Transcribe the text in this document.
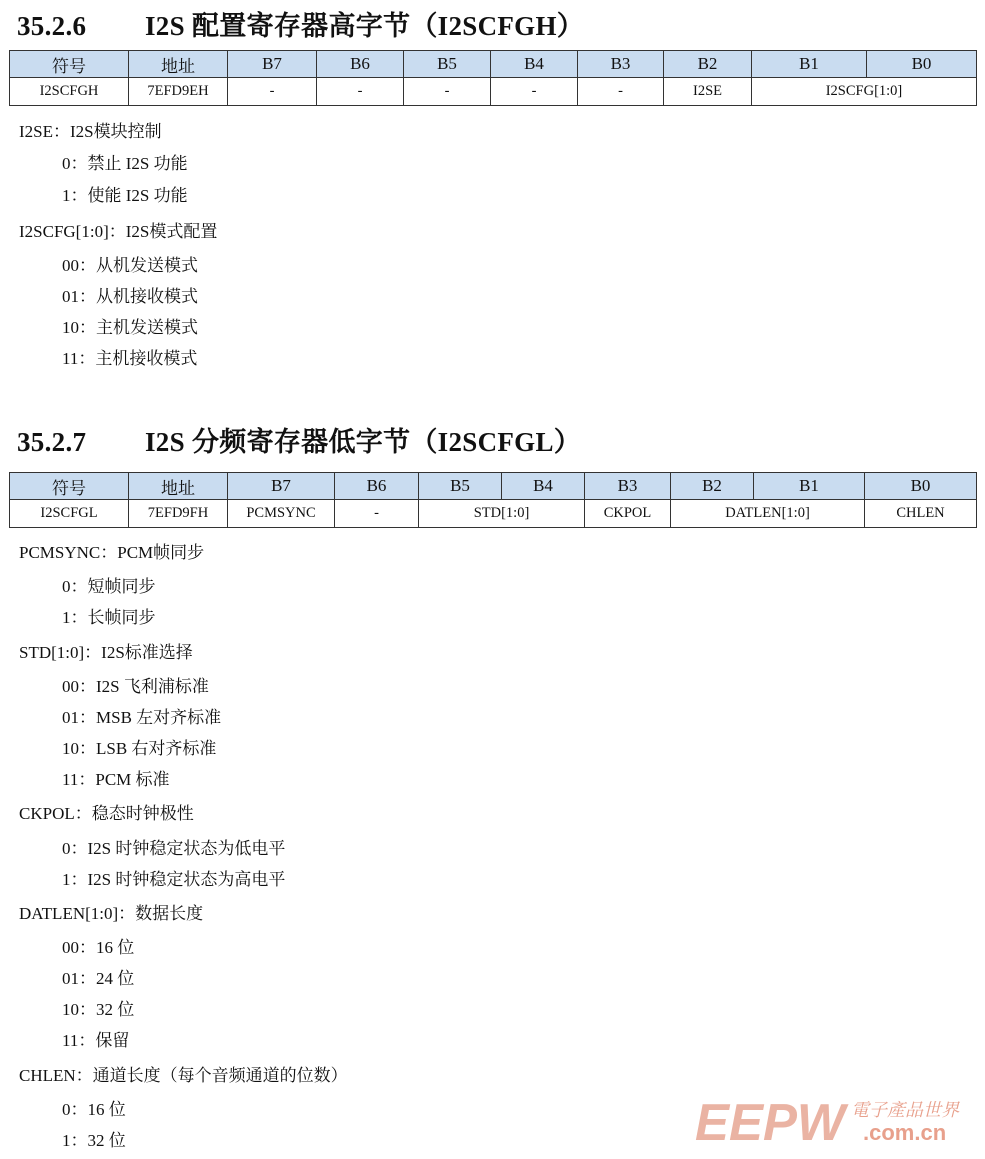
35.2.6 I2S 配置寄存器高字节（I2SCFGH）
符号	地址	B7	B6	B5	B4	B3	B2	B1	B0
I2SCFGH	7EFD9EH	-	-	-	-	-	I2SE	I2SCFG[1:0]	
I2SE：I2S模块控制
0：禁止 I2S 功能
1：使能 I2S 功能
I2SCFG[1:0]：I2S模式配置
00：从机发送模式
01：从机接收模式
10：主机发送模式
11：主机接收模式
35.2.7 I2S 分频寄存器低字节（I2SCFGL）
符号	地址	B7	B6	B5	B4	B3	B2	B1	B0
I2SCFGL	7EFD9FH	PCMSYNC	-	STD[1:0]		CKPOL	DATLEN[1:0]		CHLEN
PCMSYNC：PCM帧同步
0：短帧同步
1：长帧同步
STD[1:0]：I2S标准选择
00：I2S 飞利浦标准
01：MSB 左对齐标准
10：LSB 右对齐标准
11：PCM 标准
CKPOL：稳态时钟极性
0：I2S 时钟稳定状态为低电平
1：I2S 时钟稳定状态为高电平
DATLEN[1:0]：数据长度
00：16 位
01：24 位
10：32 位
11：保留
CHLEN：通道长度（每个音频通道的位数）
0：16 位
1：32 位	EEPW 電子產品世界
.com.cn
